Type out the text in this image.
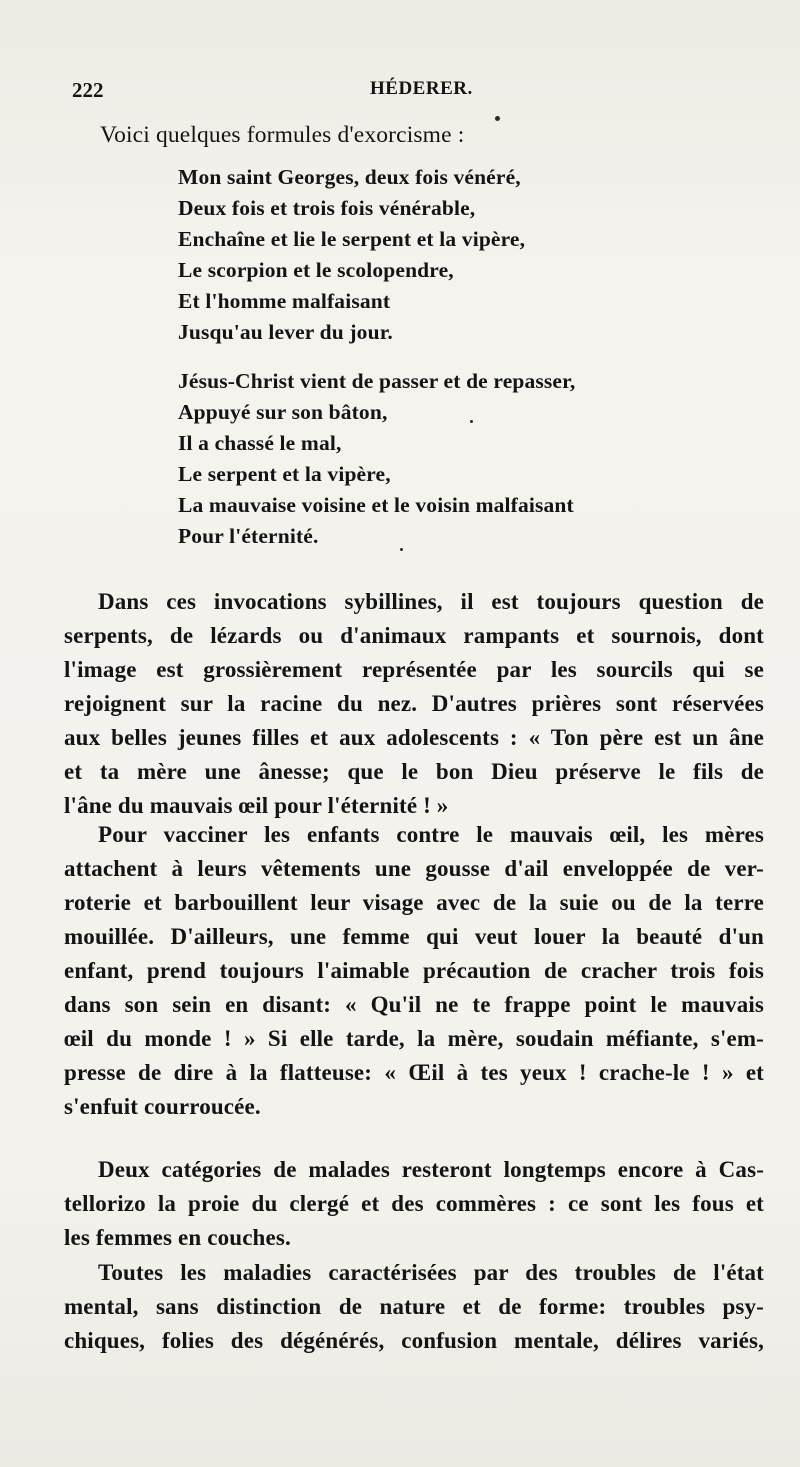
222	HÉDERER.
Voici quelques formules d'exorcisme :
Mon saint Georges, deux fois vénéré,
Deux fois et trois fois vénérable,
Enchaîne et lie le serpent et la vipère,
Le scorpion et le scolopendre,
Et l'homme malfaisant
Jusqu'au lever du jour.
Jésus-Christ vient de passer et de repasser,
Appuyé sur son bâton,
Il a chassé le mal,
Le serpent et la vipère,
La mauvaise voisine et le voisin malfaisant
Pour l'éternité.
Dans ces invocations sybillines, il est toujours question de
serpents, de lézards ou d'animaux rampants et sournois, dont
l'image est grossièrement représentée par les sourcils qui se
rejoignent sur la racine du nez. D'autres prières sont réservées
aux belles jeunes filles et aux adolescents : « Ton père est un âne
et ta mère une ânesse; que le bon Dieu préserve le fils de
l'âne du mauvais œil pour l'éternité ! »
Pour vacciner les enfants contre le mauvais œil, les mères
attachent à leurs vêtements une gousse d'ail enveloppée de ver-
roterie et barbouillent leur visage avec de la suie ou de la terre
mouillée. D'ailleurs, une femme qui veut louer la beauté d'un
enfant, prend toujours l'aimable précaution de cracher trois fois
dans son sein en disant: « Qu'il ne te frappe point le mauvais
œil du monde ! » Si elle tarde, la mère, soudain méfiante, s'em-
presse de dire à la flatteuse: « Œil à tes yeux ! crache-le ! » et
s'enfuit courroucée.
Deux catégories de malades resteront longtemps encore à Cas-
tellorizo la proie du clergé et des commères : ce sont les fous et
les femmes en couches.
Toutes les maladies caractérisées par des troubles de l'état
mental, sans distinction de nature et de forme: troubles psy-
chiques, folies des dégénérés, confusion mentale, délires variés,
